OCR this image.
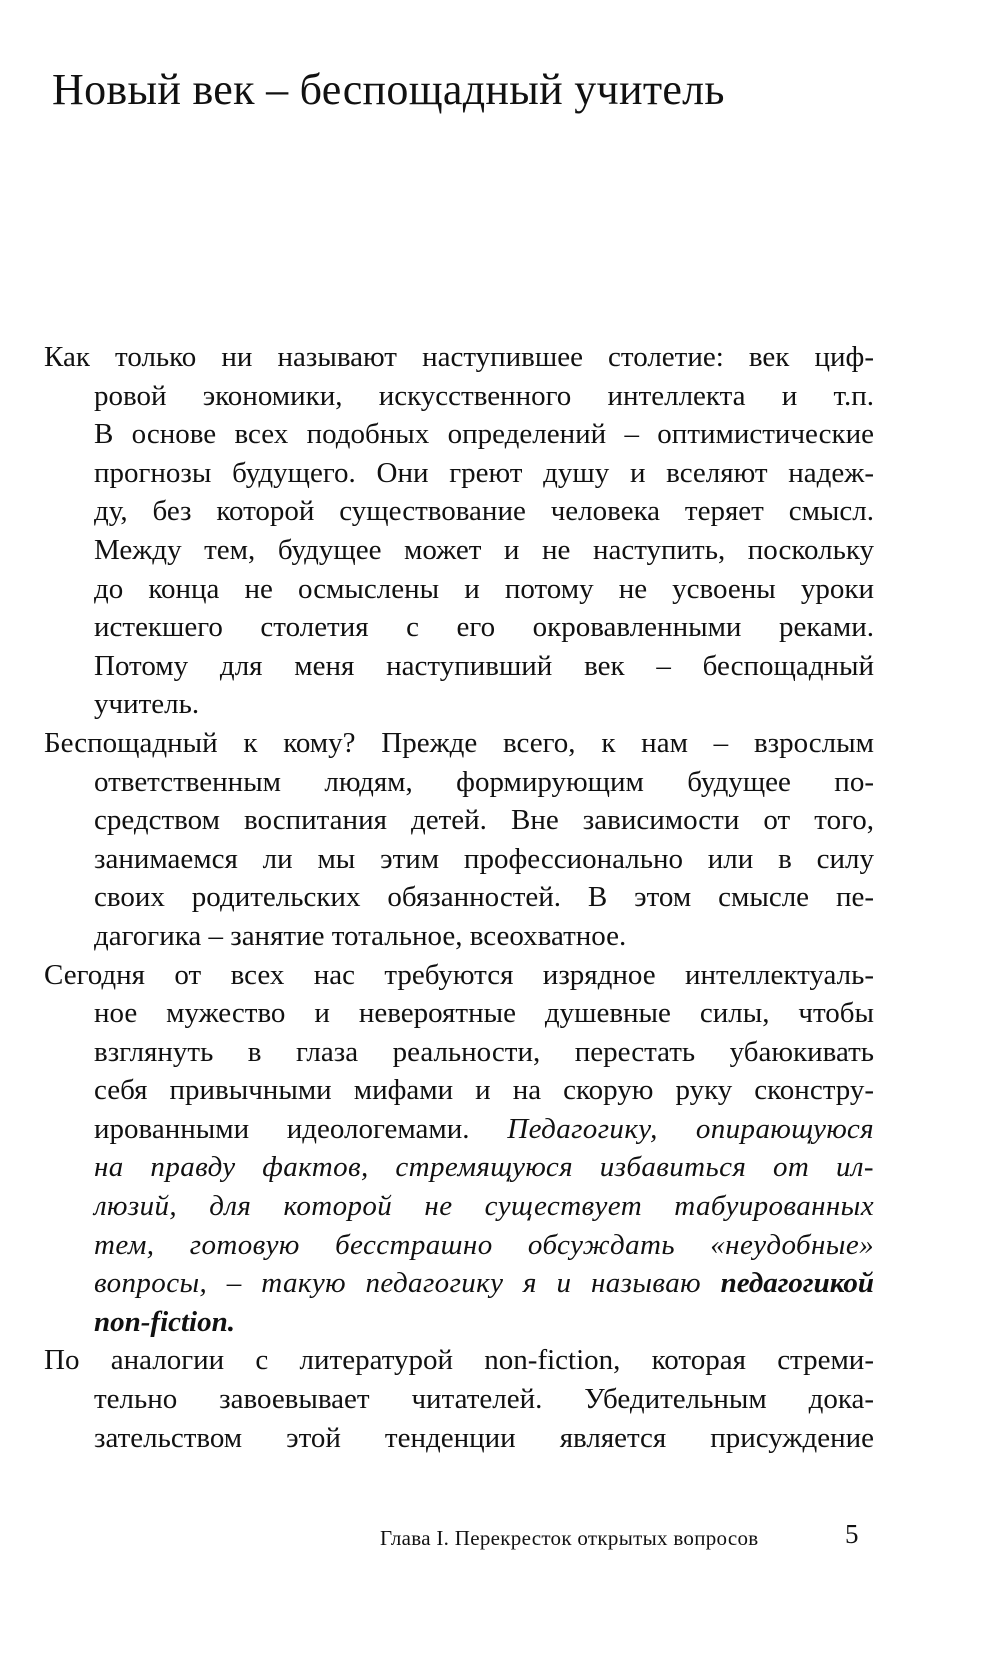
Новый век – беспощадный учитель

Как только ни называют наступившее столетие: век циф-
ровой экономики, искусственного интеллекта и т.п.
В основе всех подобных определений – оптимистические
прогнозы будущего. Они греют душу и вселяют надеж-
ду, без которой существование человека теряет смысл.
Между тем, будущее может и не наступить, поскольку
до конца не осмыслены и потому не усвоены уроки
истекшего столетия с его окровавленными реками.
Потому для меня наступивший век – беспощадный
учитель.

Беспощадный к кому? Прежде всего, к нам – взрослым
ответственным людям, формирующим будущее по-
средством воспитания детей. Вне зависимости от того,
занимаемся ли мы этим профессионально или в силу
своих родительских обязанностей. В этом смысле пе-
дагогика – занятие тотальное, всеохватное.

Сегодня от всех нас требуются изрядное интеллектуаль-
ное мужество и невероятные душевные силы, чтобы
взглянуть в глаза реальности, перестать убаюкивать
себя привычными мифами и на скорую руку сконстру-
ированными идеологемами. Педагогику, опирающуюся
на правду фактов, стремящуюся избавиться от ил-
люзий, для которой не существует табуированных
тем, готовую бесстрашно обсуждать «неудобные»
вопросы, – такую педагогику я и называю педагогикой
non-fiction.

По аналогии с литературой non-fiction, которая стреми-
тельно завоевывает читателей. Убедительным дока-
зательством этой тенденции является присуждение

Глава I. Перекресток открытых вопросов	5
